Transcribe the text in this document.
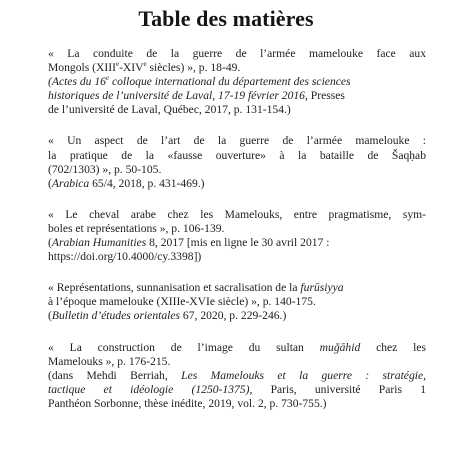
Table des matières
« La conduite de la guerre de l’armée mamelouke face aux
Mongols (XIIIe-XIVe siècles) », p. 18-49.
(Actes du 16e colloque international du département des sciences
historiques de l’université de Laval, 17-19 février 2016, Presses
de l’université de Laval, Québec, 2017, p. 131-154.)
« Un aspect de l’art de la guerre de l’armée mamelouke :
la pratique de la «fausse ouverture» à la bataille de Šaqḥab
(702/1303) », p. 50-105.
(Arabica 65/4, 2018, p. 431-469.)
« Le cheval arabe chez les Mamelouks, entre pragmatisme, sym-
boles et représentations », p. 106-139.
(Arabian Humanities 8, 2017 [mis en ligne le 30 avril 2017 :
https://doi.org/10.4000/cy.3398])
« Représentations, sunnanisation et sacralisation de la furūsiyya
à l’époque mamelouke (XIIIe-XVIe siècle) », p. 140-175.
(Bulletin d’études orientales 67, 2020, p. 229-246.)
« La construction de l’image du sultan muǧāhid chez les
Mamelouks », p. 176-215.
(dans Mehdi Berriah, Les Mamelouks et la guerre : stratégie,
tactique et idéologie (1250-1375), Paris, université Paris 1
Panthéon Sorbonne, thèse inédite, 2019, vol. 2, p. 730-755.)
